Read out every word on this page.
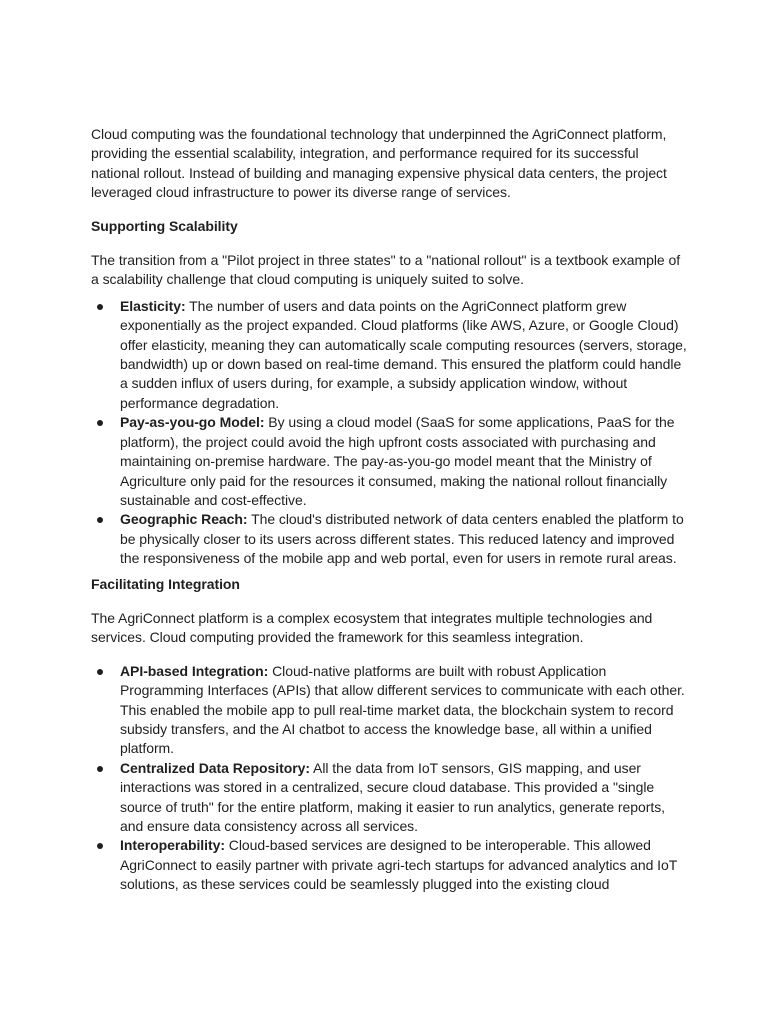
Cloud computing was the foundational technology that underpinned the AgriConnect platform, providing the essential scalability, integration, and performance required for its successful national rollout. Instead of building and managing expensive physical data centers, the project leveraged cloud infrastructure to power its diverse range of services.

Supporting Scalability

The transition from a "Pilot project in three states" to a "national rollout" is a textbook example of a scalability challenge that cloud computing is uniquely suited to solve.

Elasticity: The number of users and data points on the AgriConnect platform grew exponentially as the project expanded. Cloud platforms (like AWS, Azure, or Google Cloud) offer elasticity, meaning they can automatically scale computing resources (servers, storage, bandwidth) up or down based on real-time demand. This ensured the platform could handle a sudden influx of users during, for example, a subsidy application window, without performance degradation.
Pay-as-you-go Model: By using a cloud model (SaaS for some applications, PaaS for the platform), the project could avoid the high upfront costs associated with purchasing and maintaining on-premise hardware. The pay-as-you-go model meant that the Ministry of Agriculture only paid for the resources it consumed, making the national rollout financially sustainable and cost-effective.
Geographic Reach: The cloud's distributed network of data centers enabled the platform to be physically closer to its users across different states. This reduced latency and improved the responsiveness of the mobile app and web portal, even for users in remote rural areas.

Facilitating Integration

The AgriConnect platform is a complex ecosystem that integrates multiple technologies and services. Cloud computing provided the framework for this seamless integration.

API-based Integration: Cloud-native platforms are built with robust Application Programming Interfaces (APIs) that allow different services to communicate with each other. This enabled the mobile app to pull real-time market data, the blockchain system to record subsidy transfers, and the AI chatbot to access the knowledge base, all within a unified platform.
Centralized Data Repository: All the data from IoT sensors, GIS mapping, and user interactions was stored in a centralized, secure cloud database. This provided a "single source of truth" for the entire platform, making it easier to run analytics, generate reports, and ensure data consistency across all services.
Interoperability: Cloud-based services are designed to be interoperable. This allowed AgriConnect to easily partner with private agri-tech startups for advanced analytics and IoT solutions, as these services could be seamlessly plugged into the existing cloud
